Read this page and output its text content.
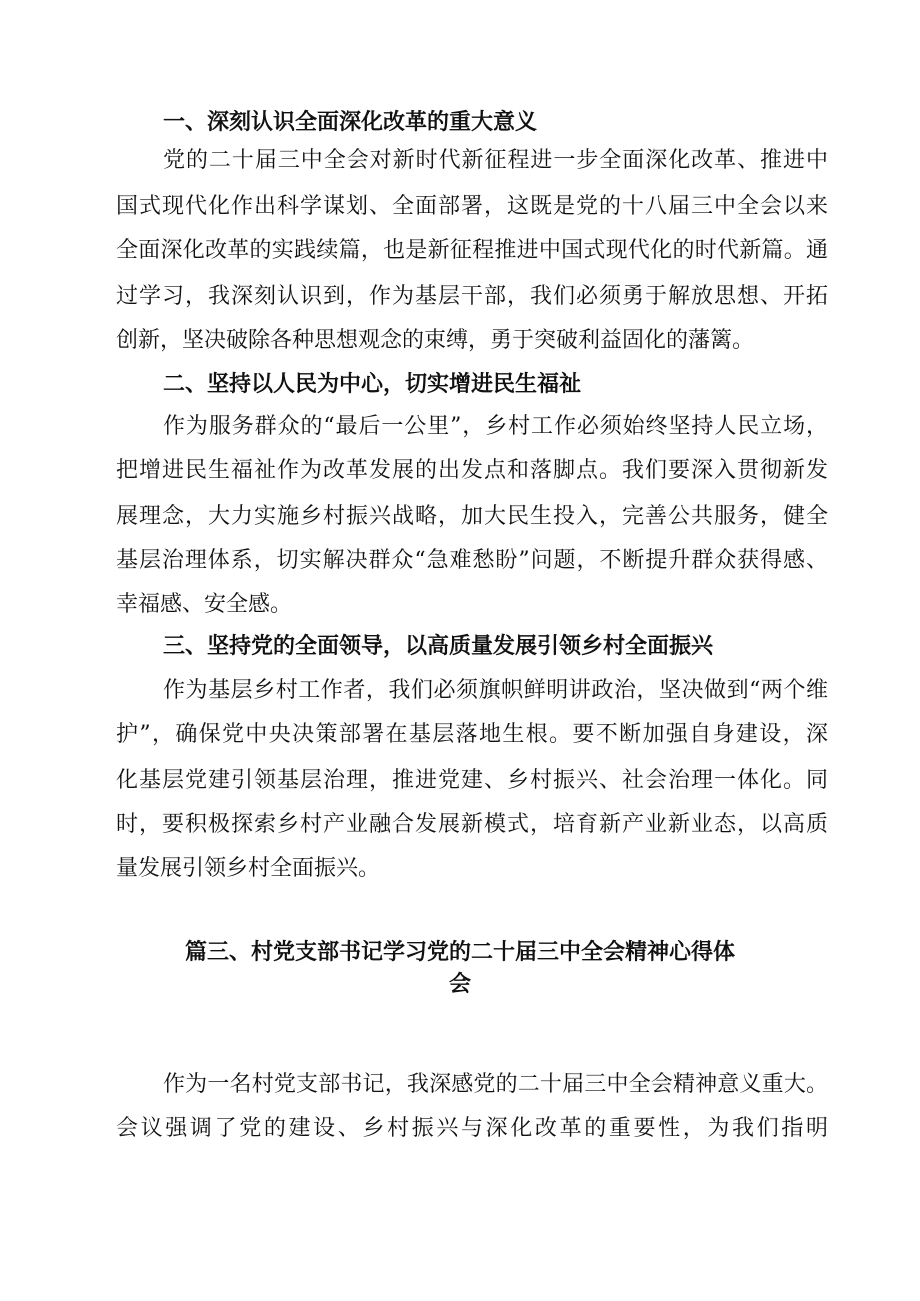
一、深刻认识全面深化改革的重大意义
党的二十届三中全会对新时代新征程进一步全面深化改革、推进中
国式现代化作出科学谋划、全面部署，这既是党的十八届三中全会以来
全面深化改革的实践续篇，也是新征程推进中国式现代化的时代新篇。通
过学习，我深刻认识到，作为基层干部，我们必须勇于解放思想、开拓
创新，坚决破除各种思想观念的束缚，勇于突破利益固化的藩篱。
二、坚持以人民为中心，切实增进民生福祉
作为服务群众的“最后一公里”，乡村工作必须始终坚持人民立场，
把增进民生福祉作为改革发展的出发点和落脚点。我们要深入贯彻新发
展理念，大力实施乡村振兴战略，加大民生投入，完善公共服务，健全
基层治理体系，切实解决群众“急难愁盼”问题，不断提升群众获得感、
幸福感、安全感。
三、坚持党的全面领导，以高质量发展引领乡村全面振兴
作为基层乡村工作者，我们必须旗帜鲜明讲政治，坚决做到“两个维
护”，确保党中央决策部署在基层落地生根。要不断加强自身建设，深
化基层党建引领基层治理，推进党建、乡村振兴、社会治理一体化。同
时，要积极探索乡村产业融合发展新模式，培育新产业新业态，以高质
量发展引领乡村全面振兴。
篇三、村党支部书记学习党的二十届三中全会精神心得体
会
作为一名村党支部书记，我深感党的二十届三中全会精神意义重大。
会议强调了党的建设、乡村振兴与深化改革的重要性，为我们指明
